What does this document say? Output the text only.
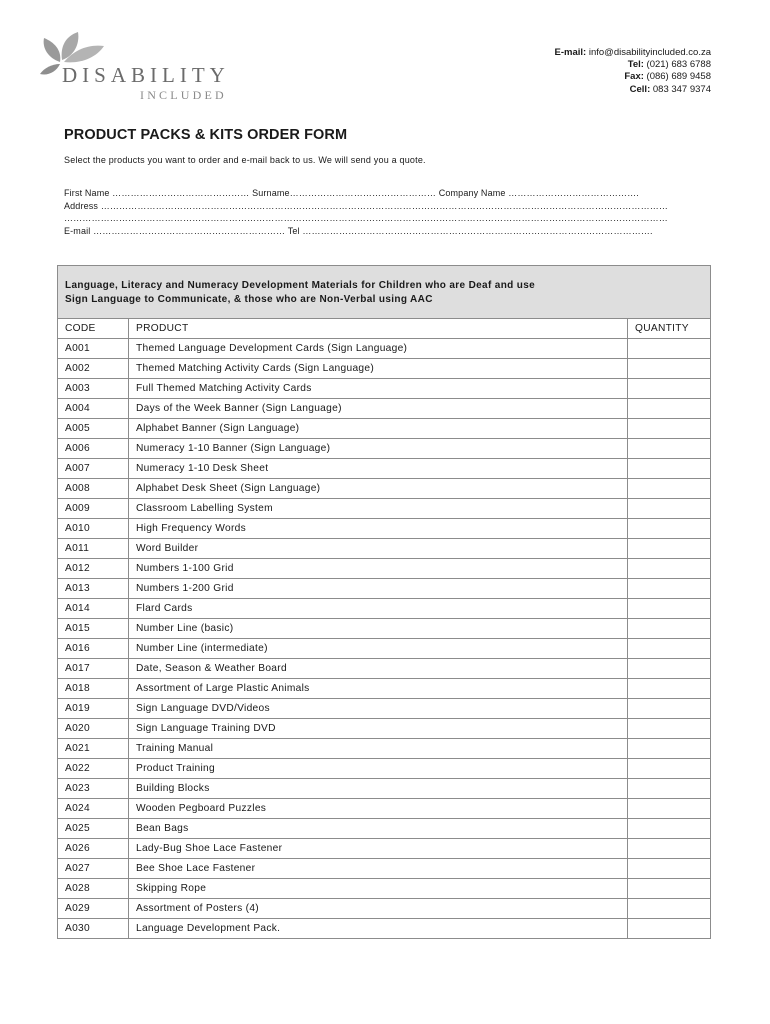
DISABILITY
INCLUDED
E-mail: info@disabilityincluded.co.za
Tel: (021) 683 6788
Fax: (086) 689 9458
Cell: 083 347 9374
PRODUCT PACKS & KITS ORDER FORM
Select the products you want to order and e-mail back to us. We will send you a quote.
First Name ……………………………………… Surname………………………………………… Company Name …………………………………….
Address ……………………………………………………………………………………………………………………………………………………………………
………………………………………………………………………………………………………………………………………………………………………………
E-mail ……………………………………………………… Tel …………………………………………………………………………………………………….
Language, Literacy and Numeracy Development Materials for Children who are Deaf and use
Sign Language to Communicate, & those who are Non-Verbal using AAC		

CODE	PRODUCT	QUANTITY
A001	Themed Language Development Cards (Sign Language)	
A002	Themed Matching Activity Cards (Sign Language)	
A003	Full Themed Matching Activity Cards	
A004	Days of the Week Banner (Sign Language)	
A005	Alphabet Banner (Sign Language)	
A006	Numeracy 1-10 Banner (Sign Language)	
A007	Numeracy 1-10 Desk Sheet	
A008	Alphabet Desk Sheet (Sign Language)	
A009	Classroom Labelling System	
A010	High Frequency Words	
A011	Word Builder	
A012	Numbers 1-100 Grid	
A013	Numbers 1-200 Grid	
A014	Flard Cards	
A015	Number Line (basic)	
A016	Number Line (intermediate)	
A017	Date, Season & Weather Board	
A018	Assortment of Large Plastic Animals	
A019	Sign Language DVD/Videos	
A020	Sign Language Training DVD	
A021	Training Manual	
A022	Product Training	
A023	Building Blocks	
A024	Wooden Pegboard Puzzles	
A025	Bean Bags	
A026	Lady-Bug Shoe Lace Fastener	
A027	Bee Shoe Lace Fastener	
A028	Skipping Rope	
A029	Assortment of Posters (4)	
A030	Language Development Pack.	
